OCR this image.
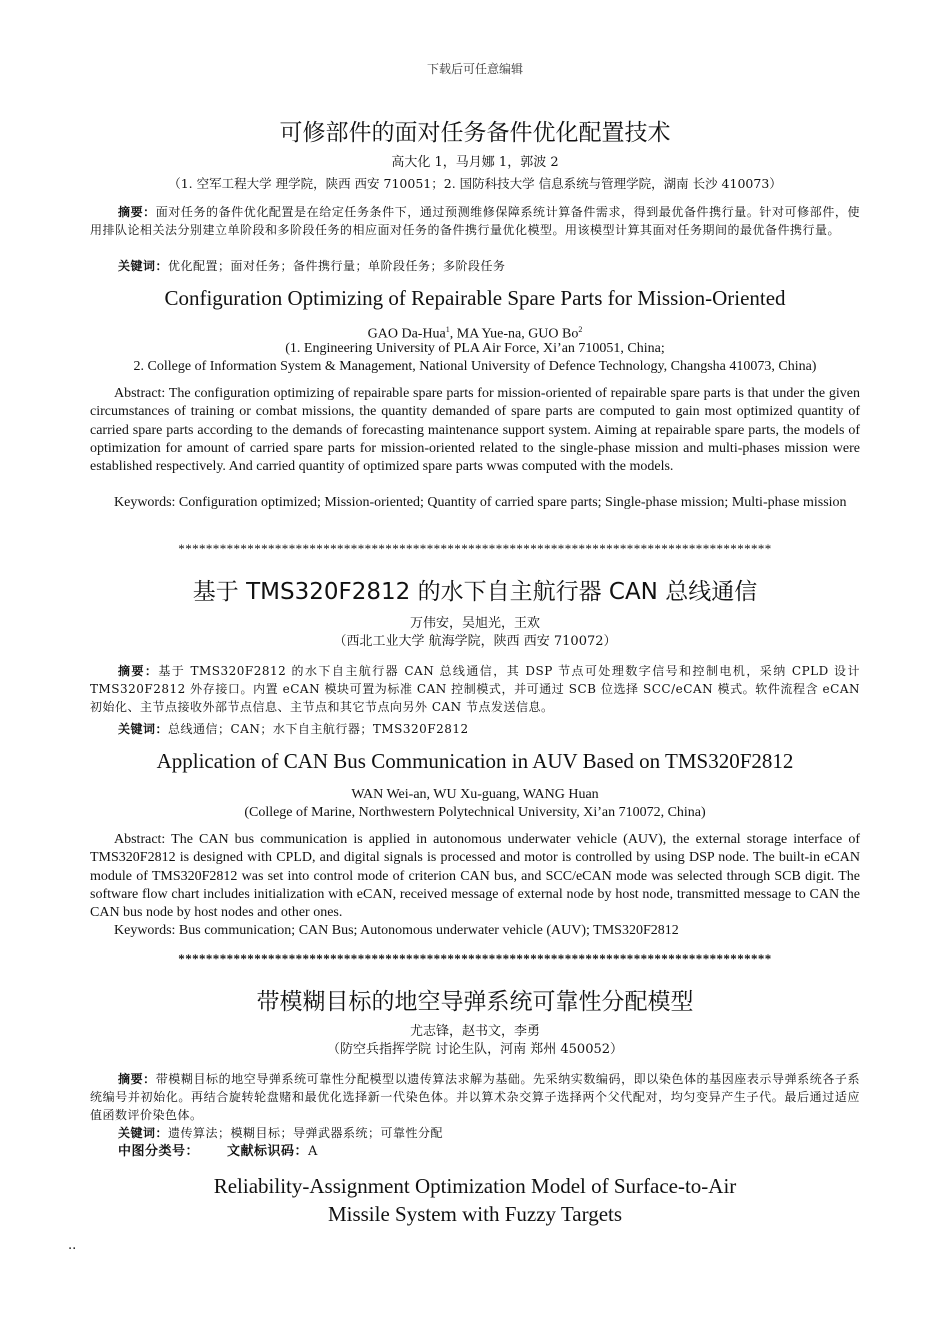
下载后可任意编辑
可修部件的面对任务备件优化配置技术
高大化 1，马月娜 1，郭波 2
（1. 空军工程大学 理学院，陕西 西安 710051；2. 国防科技大学 信息系统与管理学院，湖南 长沙 410073）
摘要：面对任务的备件优化配置是在给定任务条件下，通过预测维修保障系统计算备件需求，得到最优备件携行量。针对可修部件，使用排队论相关法分别建立单阶段和多阶段任务的相应面对任务的备件携行量优化模型。用该模型计算其面对任务期间的最优备件携行量。
关键词：优化配置；面对任务；备件携行量；单阶段任务；多阶段任务
Configuration Optimizing of Repairable Spare Parts for Mission-Oriented
GAO Da-Hua$^1$, MA Yue-na, GUO Bo$^2$
(1. Engineering University of PLA Air Force, Xi’an 710051, China;
2. College of Information System & Management, National University of Defence Technology, Changsha 410073, China)
Abstract: The configuration optimizing of repairable spare parts for mission-oriented of repairable spare parts is that under the given circumstances of training or combat missions, the quantity demanded of spare parts are computed to gain most optimized quantity of carried spare parts according to the demands of forecasting maintenance support system. Aiming at repairable spare parts, the models of optimization for amount of carried spare parts for mission-oriented related to the single-phase mission and multi-phases mission were established respectively. And carried quantity of optimized spare parts wwas computed with the models.
Keywords: Configuration optimized; Mission-oriented; Quantity of carried spare parts; Single-phase mission; Multi-phase mission
**************************************************************************************
基于 TMS320F2812 的水下自主航行器 CAN 总线通信
万伟安，吴旭光，王欢
（西北工业大学 航海学院，陕西 西安 710072）
摘要：基于 TMS320F2812 的水下自主航行器 CAN 总线通信，其 DSP 节点可处理数字信号和控制电机，采纳 CPLD 设计 TMS320F2812 外存接口。内置 eCAN 模块可置为标准 CAN 控制模式，并可通过 SCB 位选择 SCC/eCAN 模式。软件流程含 eCAN 初始化、主节点接收外部节点信息、主节点和其它节点向另外 CAN 节点发送信息。
关键词：总线通信；CAN；水下自主航行器；TMS320F2812
Application of CAN Bus Communication in AUV Based on TMS320F2812
WAN Wei-an, WU Xu-guang, WANG Huan
(College of Marine, Northwestern Polytechnical University, Xi’an 710072, China)
Abstract: The CAN bus communication is applied in autonomous underwater vehicle (AUV), the external storage interface of TMS320F2812 is designed with CPLD, and digital signals is processed and motor is controlled by using DSP node. The built-in eCAN module of TMS320F2812 was set into control mode of criterion CAN bus, and SCC/eCAN mode was selected through SCB digit. The software flow chart includes initialization with eCAN, received message of external node by host node, transmitted message to CAN the CAN bus node by host nodes and other ones.
Keywords: Bus communication; CAN Bus; Autonomous underwater vehicle (AUV); TMS320F2812
**************************************************************************************
带模糊目标的地空导弹系统可靠性分配模型
尤志锋，赵书文，李勇
（防空兵指挥学院 讨论生队，河南 郑州 450052）
摘要：带模糊目标的地空导弹系统可靠性分配模型以遗传算法求解为基础。先采纳实数编码，即以染色体的基因座表示导弹系统各子系统编号并初始化。再结合旋转轮盘赌和最优化选择新一代染色体。并以算术杂交算子选择两个父代配对，均匀变异产生子代。最后通过适应值函数评价染色体。
关键词：遗传算法；模糊目标；导弹武器系统；可靠性分配
中图分类号： 文献标识码：A
Reliability-Assignment Optimization Model of Surface-to-Air
Missile System with Fuzzy Targets
..
